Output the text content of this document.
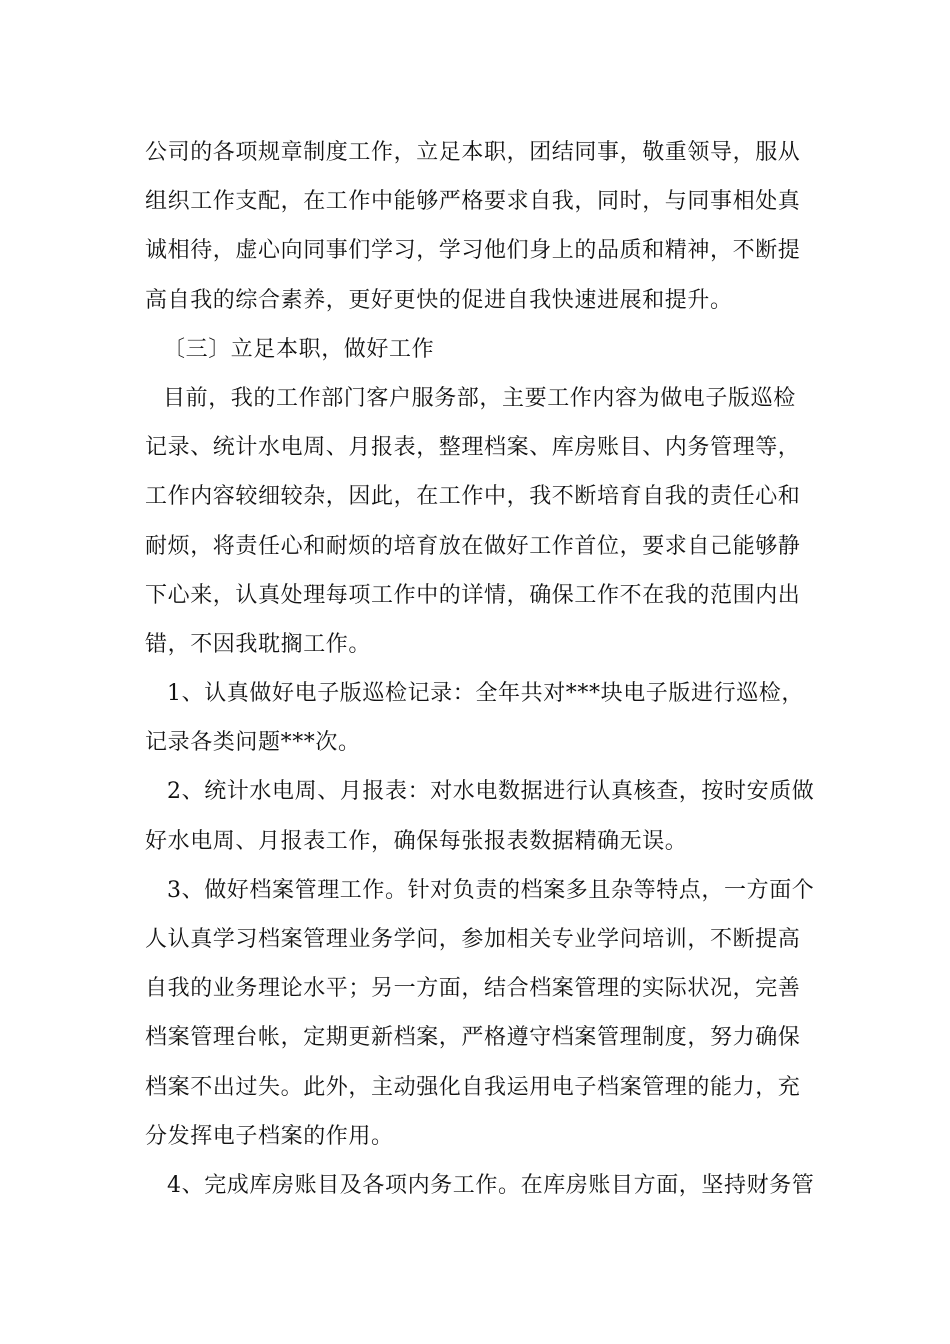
公司的各项规章制度工作，立足本职，团结同事，敬重领导，服从
组织工作支配，在工作中能够严格要求自我，同时，与同事相处真
诚相待，虚心向同事们学习，学习他们身上的品质和精神，不断提
高自我的综合素养，更好更快的促进自我快速进展和提升。
〔三〕立足本职，做好工作
目前，我的工作部门客户服务部，主要工作内容为做电子版巡检
记录、统计水电周、月报表，整理档案、库房账目、内务管理等，
工作内容较细较杂，因此，在工作中，我不断培育自我的责任心和
耐烦，将责任心和耐烦的培育放在做好工作首位，要求自己能够静
下心来，认真处理每项工作中的详情，确保工作不在我的范围内出
错，不因我耽搁工作。
1、认真做好电子版巡检记录：全年共对***块电子版进行巡检，
记录各类问题***次。
2、统计水电周、月报表：对水电数据进行认真核查，按时安质做
好水电周、月报表工作，确保每张报表数据精确无误。
3、做好档案管理工作。针对负责的档案多且杂等特点，一方面个
人认真学习档案管理业务学问，参加相关专业学问培训，不断提高
自我的业务理论水平；另一方面，结合档案管理的实际状况，完善
档案管理台帐，定期更新档案，严格遵守档案管理制度，努力确保
档案不出过失。此外，主动强化自我运用电子档案管理的能力，充
分发挥电子档案的作用。
4、完成库房账目及各项内务工作。在库房账目方面，坚持财务管
